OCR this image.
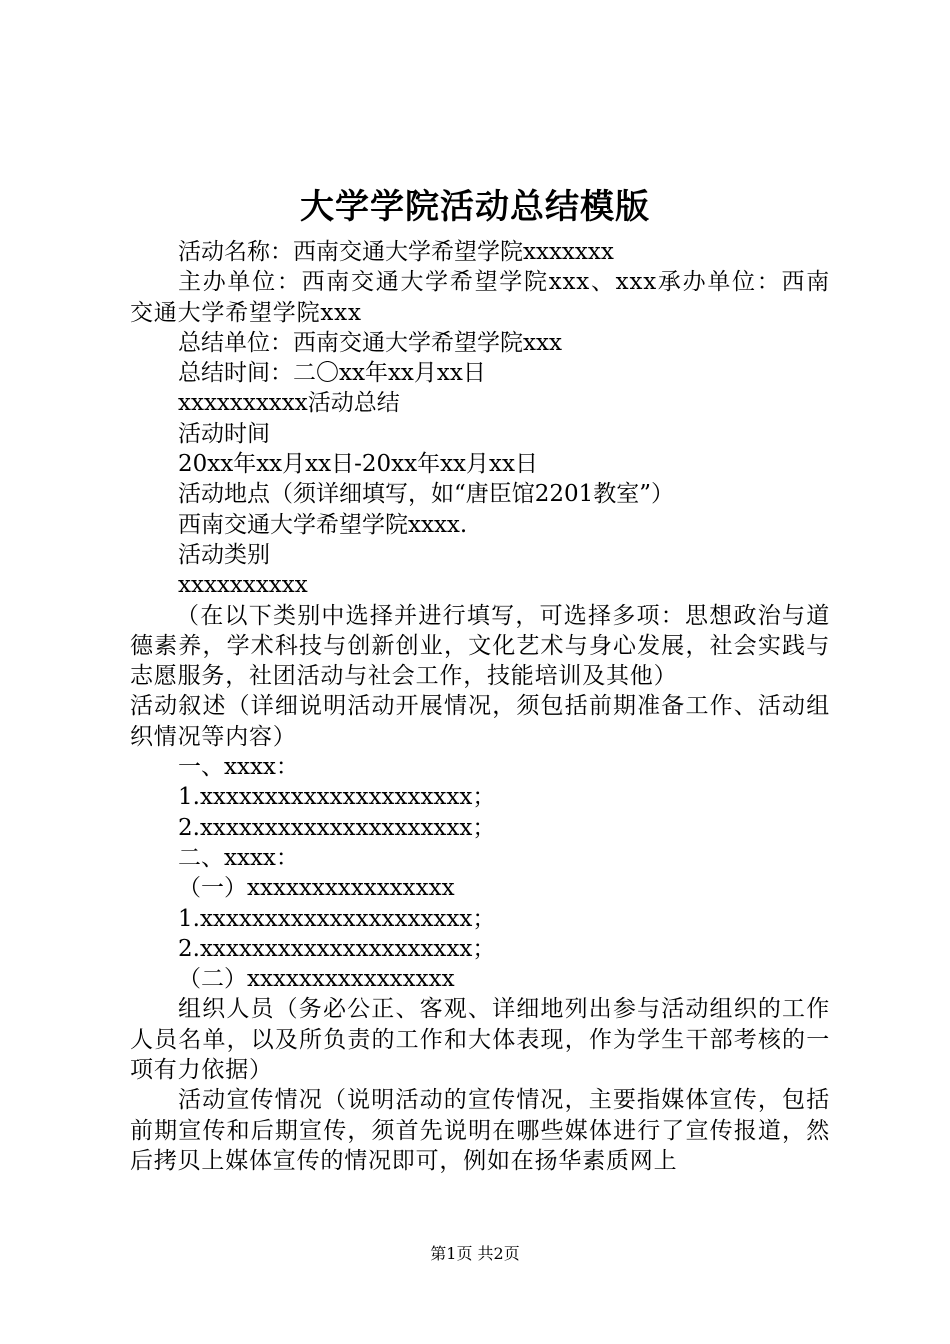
大学学院活动总结模版
活动名称：西南交通大学希望学院xxxxxxx
主办单位：西南交通大学希望学院xxx、xxx承办单位：西南交通大学希望学院xxx
总结单位：西南交通大学希望学院xxx
总结时间：二〇xx年xx月xx日
xxxxxxxxxx活动总结
活动时间
20xx年xx月xx日-20xx年xx月xx日
活动地点（须详细填写，如“唐臣馆2201教室”）
西南交通大学希望学院xxxx.
活动类别
xxxxxxxxxx
（在以下类别中选择并进行填写，可选择多项：思想政治与道德素养，学术科技与创新创业，文化艺术与身心发展，社会实践与志愿服务，社团活动与社会工作，技能培训及其他）
活动叙述（详细说明活动开展情况，须包括前期准备工作、活动组织情况等内容）
一、xxxx：
1.xxxxxxxxxxxxxxxxxxxxx；
2.xxxxxxxxxxxxxxxxxxxxx；
二、xxxx：
（一）xxxxxxxxxxxxxxxx
1.xxxxxxxxxxxxxxxxxxxxx；
2.xxxxxxxxxxxxxxxxxxxxx；
（二）xxxxxxxxxxxxxxxx
组织人员（务必公正、客观、详细地列出参与活动组织的工作人员名单，以及所负责的工作和大体表现，作为学生干部考核的一项有力依据）
活动宣传情况（说明活动的宣传情况，主要指媒体宣传，包括前期宣传和后期宣传，须首先说明在哪些媒体进行了宣传报道，然后拷贝上媒体宣传的情况即可，例如在扬华素质网上
第1页 共2页
